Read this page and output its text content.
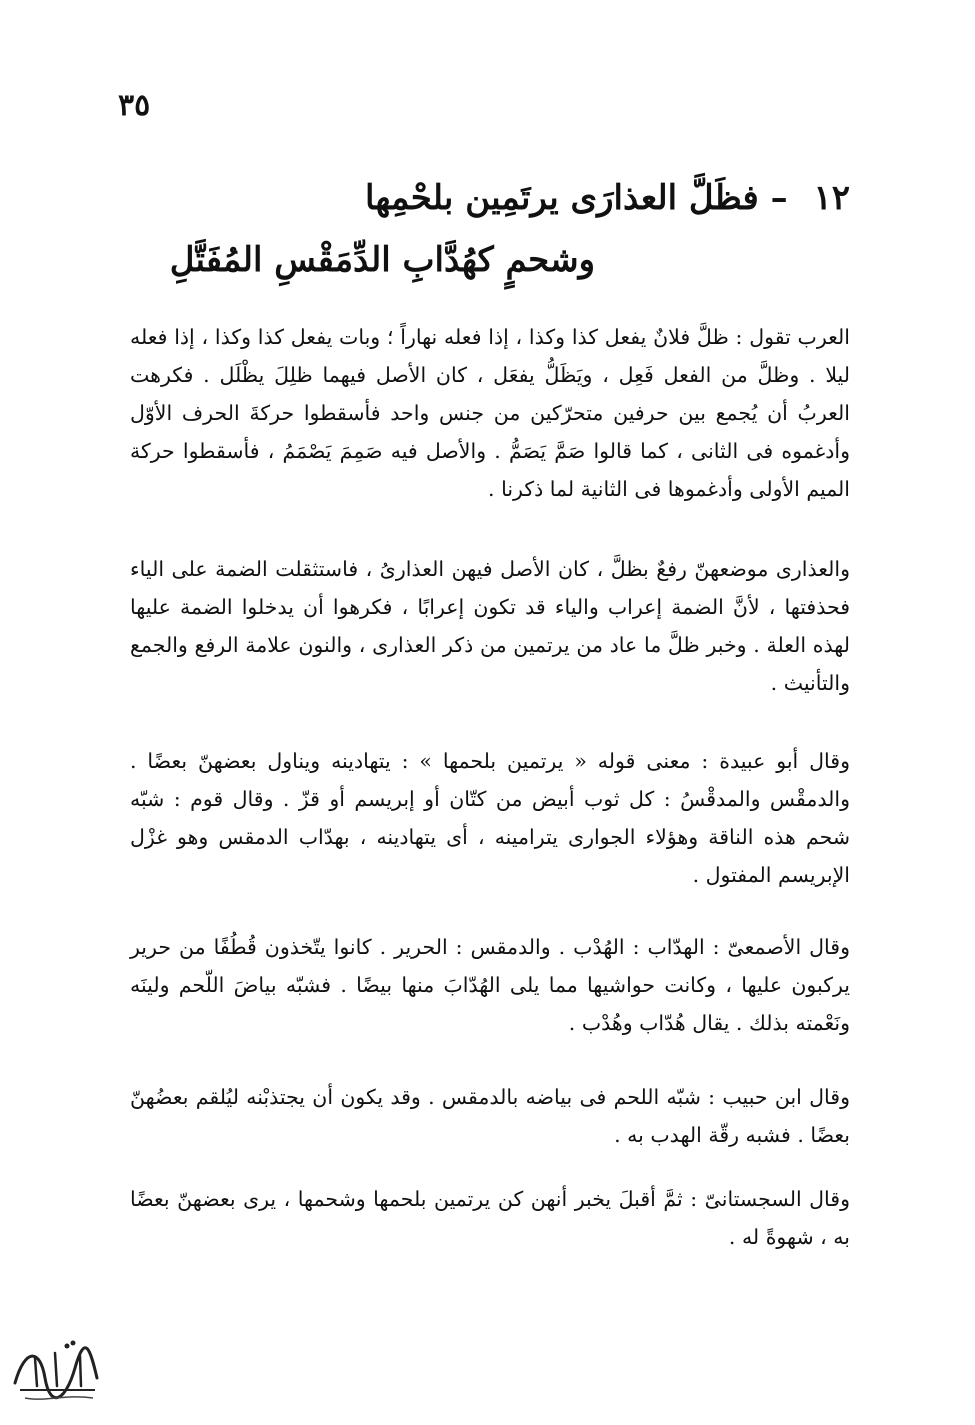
٣٥
١٢ – فظَلَّ العذارَى يرتَمِين بلحْمِها
وشحمٍ كهُدَّابِ الدِّمَقْسِ المُفَتَّلِ

العرب تقول : ظلَّ فلانٌ يفعل كذا وكذا ، إذا فعله نهاراً ؛ وبات يفعل كذا وكذا ، إذا فعله ليلا . وظلَّ من الفعل فَعِل ، ويَظَلُّ يفعَل ، كان الأصل فيهما ظلِلَ يظْلَل . فكرهت العربُ أن يُجمع بين حرفين متحرّكين من جنس واحد فأسقطوا حركةَ الحرف الأوّل وأدغموه فى الثانى ، كما قالوا صَمَّ يَصَمُّ . والأصل فيه صَمِمَ يَصْمَمُ ، فأسقطوا حركة الميم الأولى وأدغموها فى الثانية لما ذكرنا .

والعذارى موضعهنّ رفعٌ بظلَّ ، كان الأصل فيهن العذارىُ ، فاستثقلت الضمة على الياء فحذفتها ، لأنَّ الضمة إعراب والياء قد تكون إعرابًا ، فكرهوا أن يدخلوا الضمة عليها لهذه العلة . وخبر ظلَّ ما عاد من يرتمين من ذكر العذارى ، والنون علامة الرفع والجمع والتأنيث .

وقال أبو عبيدة : معنى قوله « يرتمين بلحمها » : يتهادينه ويناول بعضهنّ بعضًا . والدمقْس والمدقْسُ : كل ثوب أبيض من كتّان أو إبريسم أو قزّ . وقال قوم : شبّه شحم هذه الناقة وهؤلاء الجوارى يترامينه ، أى يتهادينه ، بهدّاب الدمقس وهو غزْل الإبريسم المفتول .

وقال الأصمعىّ : الهدّاب : الهُدْب . والدمقس : الحرير . كانوا يتّخذون قُطُفًا من حرير يركبون عليها ، وكانت حواشيها مما يلى الهُدّابَ منها بيضًا . فشبّه بياضَ اللّحم ولينَه ونَعْمته بذلك . يقال هُدّاب وهُدْب .

وقال ابن حبيب : شبّه اللحم فى بياضه بالدمقس . وقد يكون أن يجتذبْنه ليُلقم بعضُهنّ بعضًا . فشبه رقّة الهدب به .

وقال السجستانىّ : ثمَّ أقبلَ يخبر أنهن كن يرتمين بلحمها وشحمها ، يرى بعضهنّ بعضًا به ، شهوةً له .
